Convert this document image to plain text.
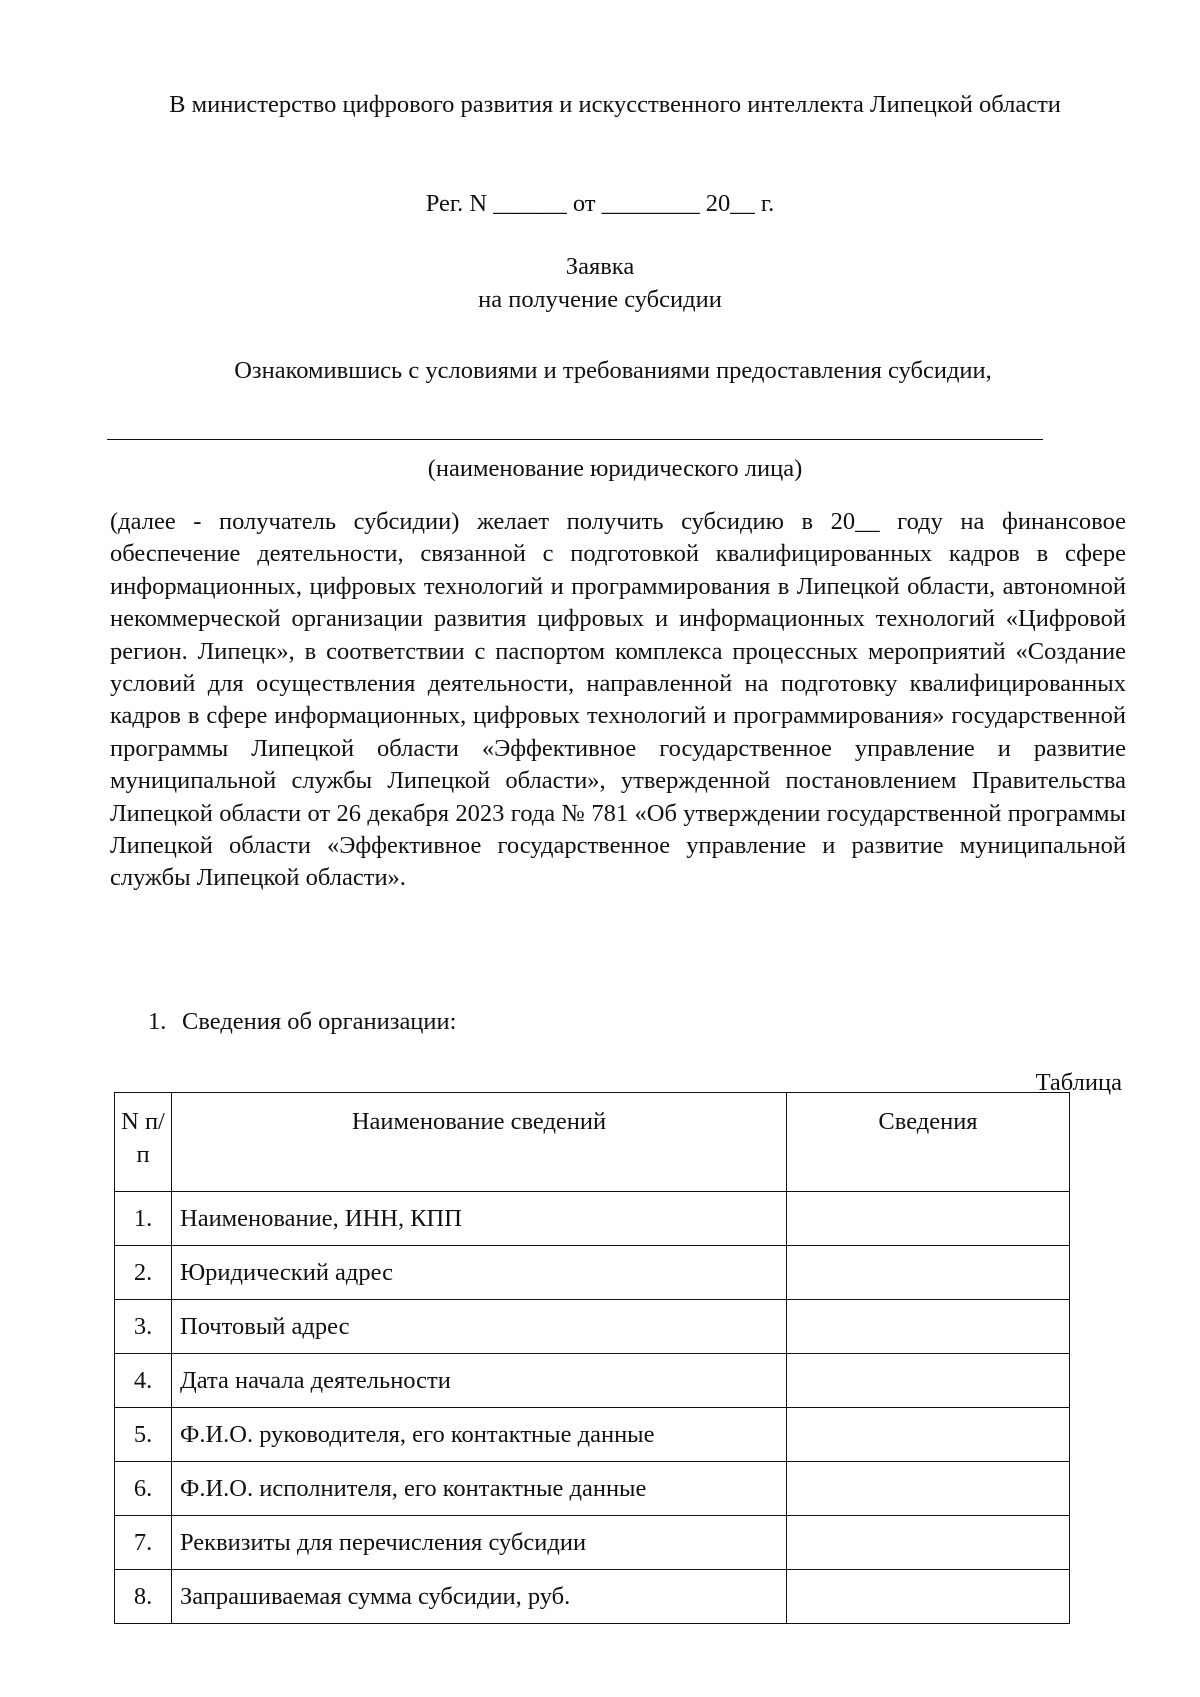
В министерство цифрового развития и искусственного интеллекта Липецкой области
Рег. N ______ от ________ 20__ г.
Заявка
на получение субсидии
Ознакомившись с условиями и требованиями предоставления субсидии,
(наименование юридического лица)
(далее - получатель субсидии) желает получить субсидию в 20__ году на финансовое обеспечение деятельности, связанной с подготовкой квалифицированных кадров в сфере информационных, цифровых технологий и программирования в Липецкой области, автономной некоммерческой организации развития цифровых и информационных технологий «Цифровой регион. Липецк», в соответствии с паспортом комплекса процессных мероприятий «Создание условий для осуществления деятельности, направленной на подготовку квалифицированных кадров в сфере информационных, цифровых технологий и программирования» государственной программы Липецкой области «Эффективное государственное управление и развитие муниципальной службы Липецкой области», утвержденной постановлением Правительства Липецкой области от 26 декабря 2023 года № 781 «Об утверждении государственной программы Липецкой области «Эффективное государственное управление и развитие муниципальной службы Липецкой области».
1. Сведения об организации:
Таблица
N п/п	Наименование сведений	Сведения
1.	Наименование, ИНН, КПП	
2.	Юридический адрес	
3.	Почтовый адрес	
4.	Дата начала деятельности	
5.	Ф.И.О. руководителя, его контактные данные	
6.	Ф.И.О. исполнителя, его контактные данные	
7.	Реквизиты для перечисления субсидии	
8.	Запрашиваемая сумма субсидии, руб.	
